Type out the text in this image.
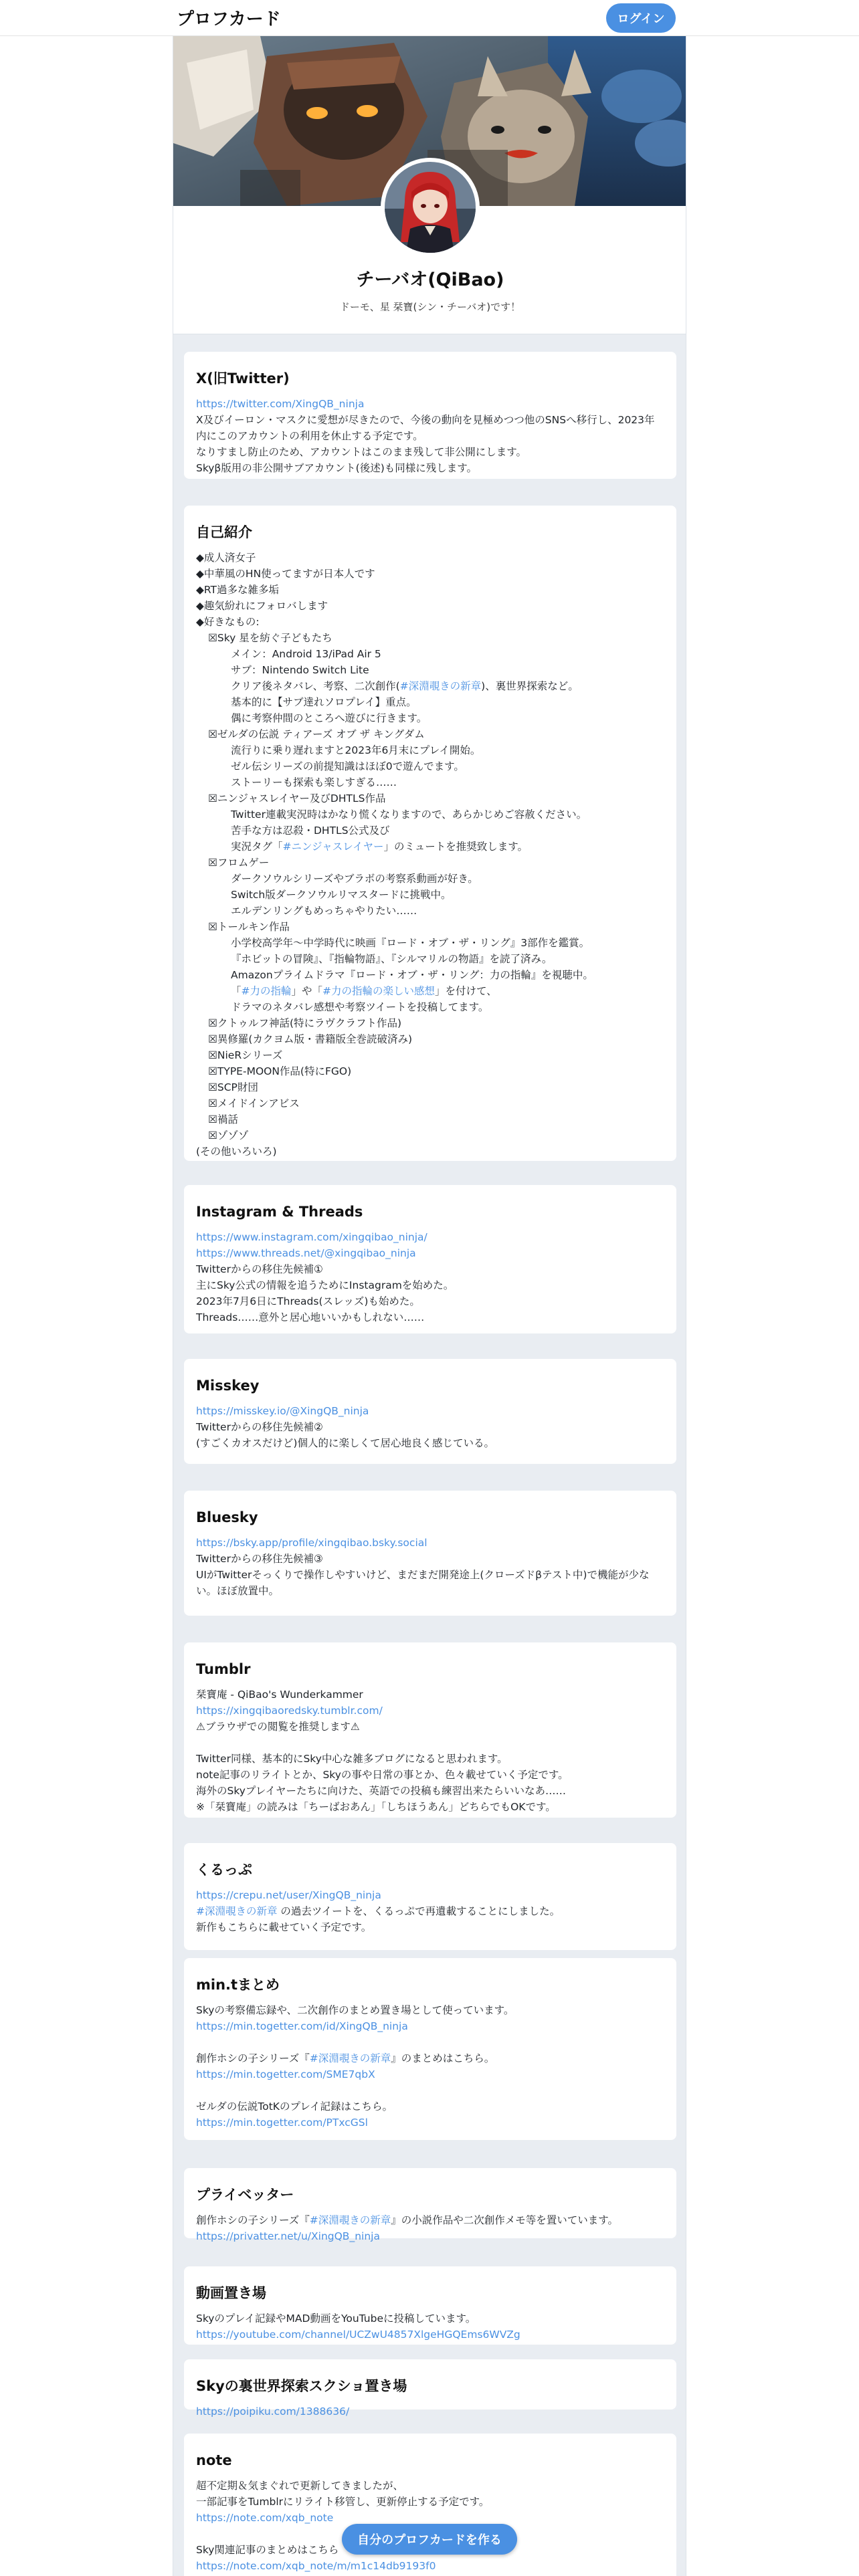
プロフカード	ログイン
チーバオ(QiBao)
ドーモ、星 栞寶(シン・チーバオ)です！
X(旧Twitter)
https://twitter.com/XingQB_ninja
X及びイーロン・マスクに愛想が尽きたので、今後の動向を見極めつつ他のSNSへ移行し、2023年
内にこのアカウントの利用を休止する予定です。
なりすまし防止のため、アカウントはこのまま残して非公開にします。
Skyβ版用の非公開サブアカウント(後述)も同様に残します。
自己紹介
◆成人済女子
◆中華風のHN使ってますが日本人です
◆RT過多な雑多垢
◆趣気紛れにフォロバします
◆好きなもの:
☒Sky 星を紡ぐ子どもたち
メイン：Android 13/iPad Air 5
サブ：Nintendo Switch Lite
クリア後ネタバレ、考察、二次創作(#深淵覗きの新章)、裏世界探索など。
基本的に【サブ達れソロプレイ】重点。
偶に考察仲間のところへ遊びに行きます。
☒ゼルダの伝説 ティアーズ オブ ザ キングダム
流行りに乗り遅れますと2023年6月末にプレイ開始。
ゼル伝シリーズの前提知識はほぼ0で遊んでます。
ストーリーも探索も楽しすぎる……
☒ニンジャスレイヤー及びDHTLS作品
Twitter連載実況時はかなり慌くなりますので、あらかじめご容赦ください。
苦手な方は忍殺・DHTLS公式及び
実況タグ「#ニンジャスレイヤー」のミュートを推奨致します。
☒フロムゲー
ダークソウルシリーズやブラボの考察系動画が好き。
Switch版ダークソウルリマスタードに挑戦中。
エルデンリングもめっちゃやりたい……
☒トールキン作品
小学校高学年〜中学時代に映画『ロード・オブ・ザ・リング』3部作を鑑賞。
『ホビットの冒険』、『指輪物語』、『シルマリルの物語』を読了済み。
Amazonプライムドラマ『ロード・オブ・ザ・リング：力の指輪』を視聴中。
「#力の指輪」や「#力の指輪の楽しい感想」を付けて、
ドラマのネタバレ感想や考察ツイートを投稿してます。
☒クトゥルフ神話(特にラヴクラフト作品)
☒異修羅(カクヨム版・書籍版全巻読破済み)
☒NieRシリーズ
☒TYPE-MOON作品(特にFGO)
☒SCP財団
☒メイドインアビス
☒禍話
☒ゾゾゾ
(その他いろいろ)
Instagram & Threads
https://www.instagram.com/xingqibao_ninja/
https://www.threads.net/@xingqibao_ninja
Twitterからの移住先候補①
主にSky公式の情報を追うためにInstagramを始めた。
2023年7月6日にThreads(スレッズ)も始めた。
Threads……意外と居心地いいかもしれない……
Misskey
https://misskey.io/@XingQB_ninja
Twitterからの移住先候補②
(すごくカオスだけど)個人的に楽しくて居心地良く感じている。
Bluesky
https://bsky.app/profile/xingqibao.bsky.social
Twitterからの移住先候補③
UIがTwitterそっくりで操作しやすいけど、まだまだ開発途上(クローズドβテスト中)で機能が少な
い。ほぼ放置中。
Tumblr
栞寶庵 - QiBao's Wunderkammer
https://xingqibaoredsky.tumblr.com/
⚠ブラウザでの閲覧を推奨します⚠
Twitter同様、基本的にSky中心な雑多ブログになると思われます。
note記事のリライトとか、Skyの事や日常の事とか、色々載せていく予定です。
海外のSkyプレイヤーたちに向けた、英語での投稿も練習出来たらいいなあ……
※「栞寶庵」の読みは「ちーばおあん」「しちほうあん」どちらでもOKです。
くるっぷ
https://crepu.net/user/XingQB_ninja
#深淵覗きの新章 の過去ツイートを、くるっぷで再遺載することにしました。
新作もこちらに載せていく予定です。
min.tまとめ
Skyの考察備忘録や、二次創作のまとめ置き場として使っています。
https://min.togetter.com/id/XingQB_ninja
創作ホシの子シリーズ『#深淵覗きの新章』のまとめはこちら。
https://min.togetter.com/SME7qbX
ゼルダの伝説TotKのプレイ記録はこちら。
https://min.togetter.com/PTxcGSl
プライベッター
創作ホシの子シリーズ『#深淵覗きの新章』の小説作品や二次創作メモ等を置いています。
https://privatter.net/u/XingQB_ninja
動画置き場
Skyのプレイ記録やMAD動画をYouTubeに投稿しています。
https://youtube.com/channel/UCZwU4857XlgeHGQEms6WVZg
Skyの裏世界探索スクショ置き場
https://poipiku.com/1388636/
note
超不定期＆気まぐれで更新してきましたが、
一部記事をTumblrにリライト移管し、更新停止する予定です。
https://note.com/xqb_note
Sky関連記事のまとめはこちら
https://note.com/xqb_note/m/m1c14db9193f0
自分のプロフカードを作る
